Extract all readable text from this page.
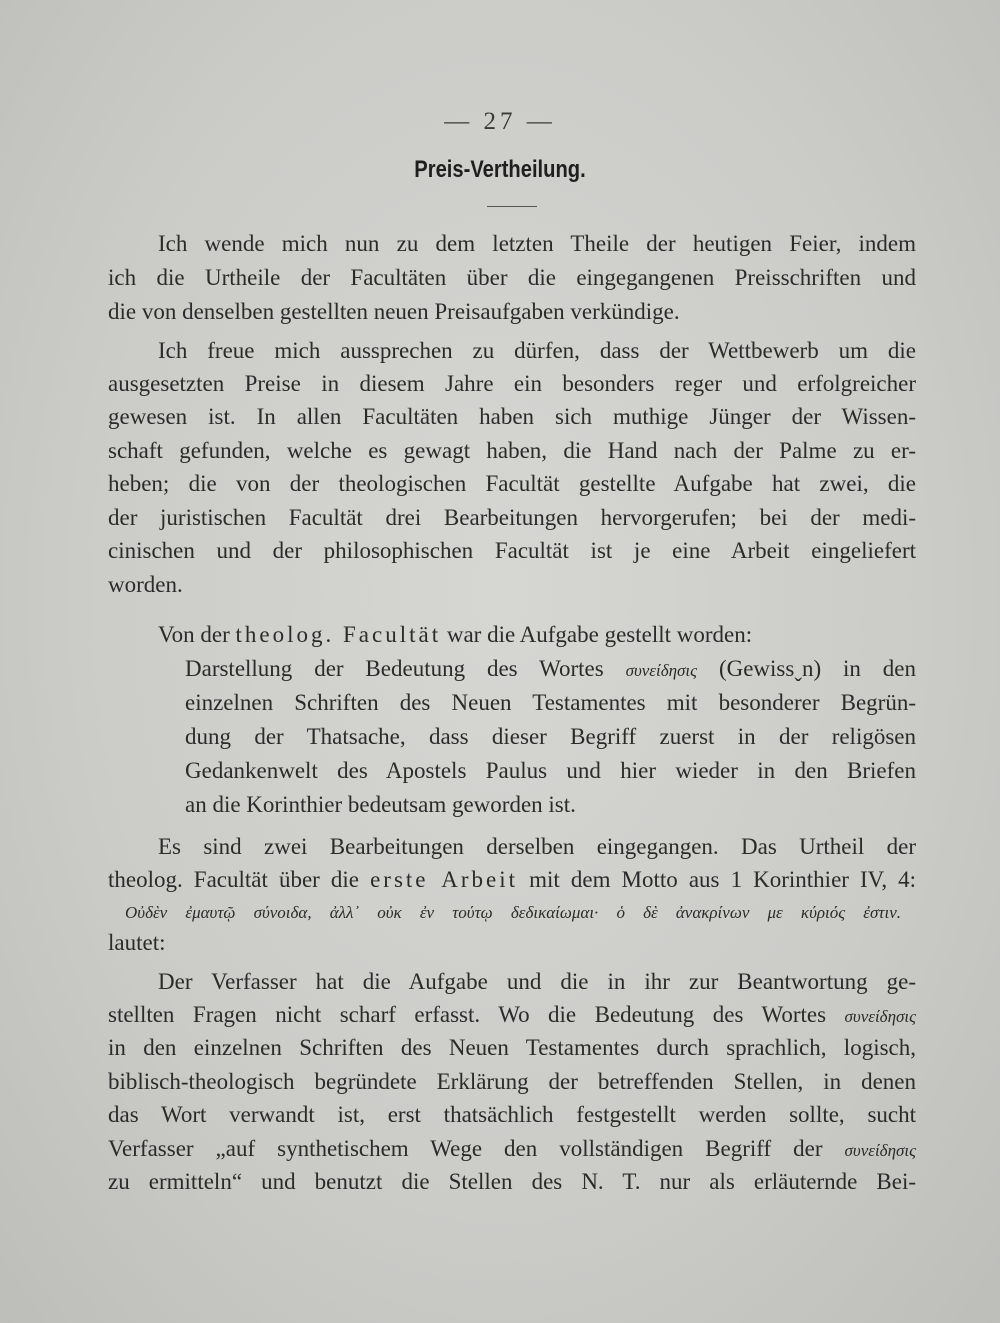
— 27 —
Preis-Vertheilung.
Ich wende mich nun zu dem letzten Theile der heutigen Feier, indem
ich die Urtheile der Facultäten über die eingegangenen Preisschriften und
die von denselben gestellten neuen Preisaufgaben verkündige.
Ich freue mich aussprechen zu dürfen, dass der Wettbewerb um die
ausgesetzten Preise in diesem Jahre ein besonders reger und erfolgreicher
gewesen ist. In allen Facultäten haben sich muthige Jünger der Wissen-
schaft gefunden, welche es gewagt haben, die Hand nach der Palme zu er-
heben; die von der theologischen Facultät gestellte Aufgabe hat zwei, die
der juristischen Facultät drei Bearbeitungen hervorgerufen; bei der medi-
cinischen und der philosophischen Facultät ist je eine Arbeit eingeliefert
worden.
Von der theolog. Facultät war die Aufgabe gestellt worden:
Darstellung der Bedeutung des Wortes συνείδησις (Gewissˬn) in den
einzelnen Schriften des Neuen Testamentes mit besonderer Begrün-
dung der Thatsache, dass dieser Begriff zuerst in der religösen
Gedankenwelt des Apostels Paulus und hier wieder in den Briefen
an die Korinthier bedeutsam geworden ist.
Es sind zwei Bearbeitungen derselben eingegangen. Das Urtheil der
theolog. Facultät über die erste Arbeit mit dem Motto aus 1 Korinthier IV, 4:
Οὐδὲν ἐμαυτῷ σύνοιδα, ἀλλ᾽ οὐκ ἐν τούτῳ δεδικαίωμαι· ὁ δὲ ἀνακρίνων με κύριός ἐστιν.
lautet:
Der Verfasser hat die Aufgabe und die in ihr zur Beantwortung ge-
stellten Fragen nicht scharf erfasst. Wo die Bedeutung des Wortes συνείδησις
in den einzelnen Schriften des Neuen Testamentes durch sprachlich, logisch,
biblisch-theologisch begründete Erklärung der betreffenden Stellen, in denen
das Wort verwandt ist, erst thatsächlich festgestellt werden sollte, sucht
Verfasser „auf synthetischem Wege den vollständigen Begriff der συνείδησις
zu ermitteln“ und benutzt die Stellen des N. T. nur als erläuternde Bei-
